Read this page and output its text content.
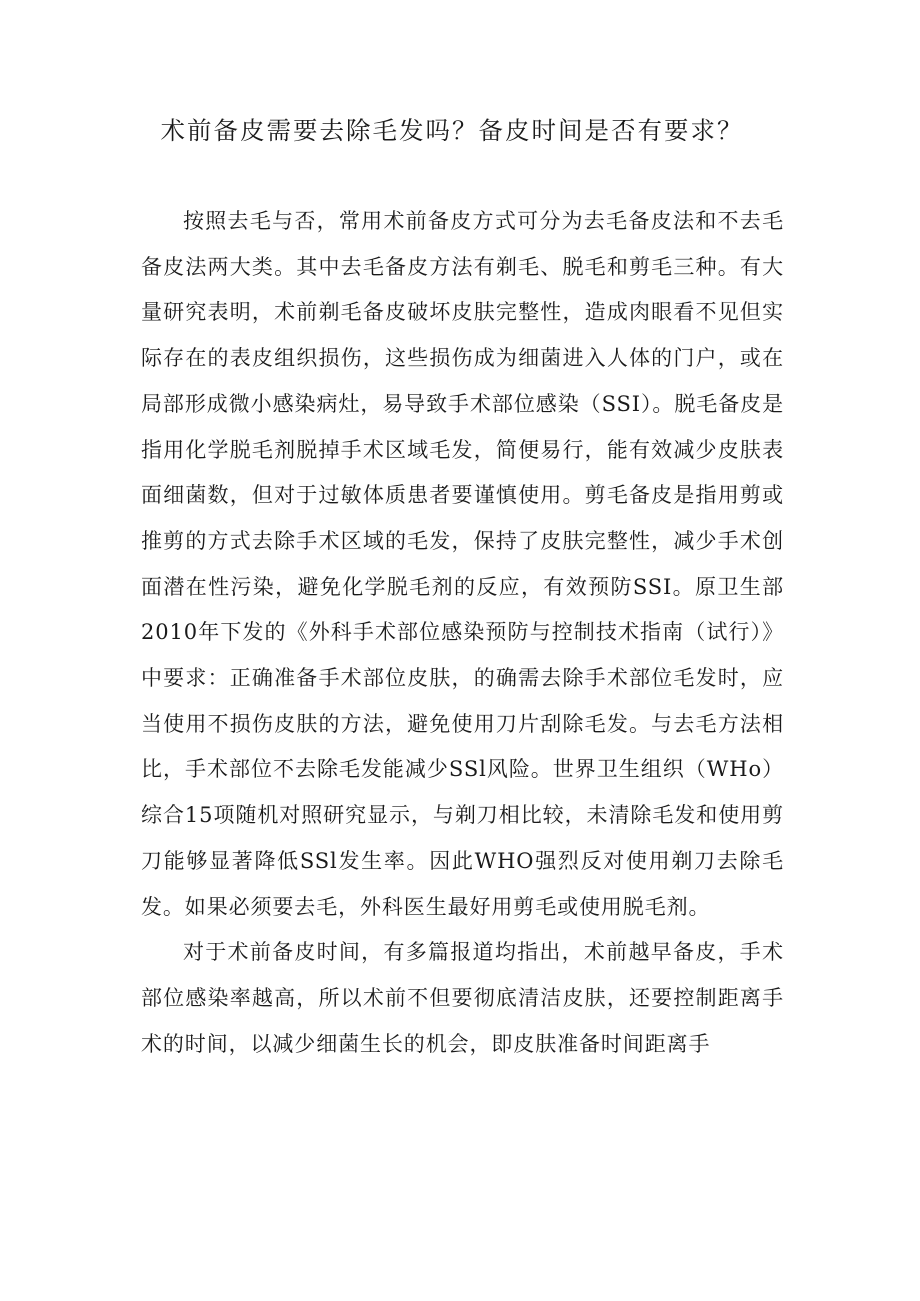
术前备皮需要去除毛发吗？备皮时间是否有要求？

按照去毛与否，常用术前备皮方式可分为去毛备皮法和不去毛备皮法两大类。其中去毛备皮方法有剃毛、脱毛和剪毛三种。有大量研究表明，术前剃毛备皮破坏皮肤完整性，造成肉眼看不见但实际存在的表皮组织损伤，这些损伤成为细菌进入人体的门户，或在局部形成微小感染病灶，易导致手术部位感染（SSI）。脱毛备皮是指用化学脱毛剂脱掉手术区域毛发，简便易行，能有效减少皮肤表面细菌数，但对于过敏体质患者要谨慎使用。剪毛备皮是指用剪或推剪的方式去除手术区域的毛发，保持了皮肤完整性，减少手术创面潜在性污染，避免化学脱毛剂的反应，有效预防SSI。原卫生部2010年下发的《外科手术部位感染预防与控制技术指南（试行）》中要求：正确准备手术部位皮肤，的确需去除手术部位毛发时，应当使用不损伤皮肤的方法，避免使用刀片刮除毛发。与去毛方法相比，手术部位不去除毛发能减少SSl风险。世界卫生组织（WHo）综合15项随机对照研究显示，与剃刀相比较，未清除毛发和使用剪刀能够显著降低SSl发生率。因此WHO强烈反对使用剃刀去除毛发。如果必须要去毛，外科医生最好用剪毛或使用脱毛剂。

对于术前备皮时间，有多篇报道均指出，术前越早备皮，手术部位感染率越高，所以术前不但要彻底清洁皮肤，还要控制距离手术的时间，以减少细菌生长的机会，即皮肤准备时间距离手
